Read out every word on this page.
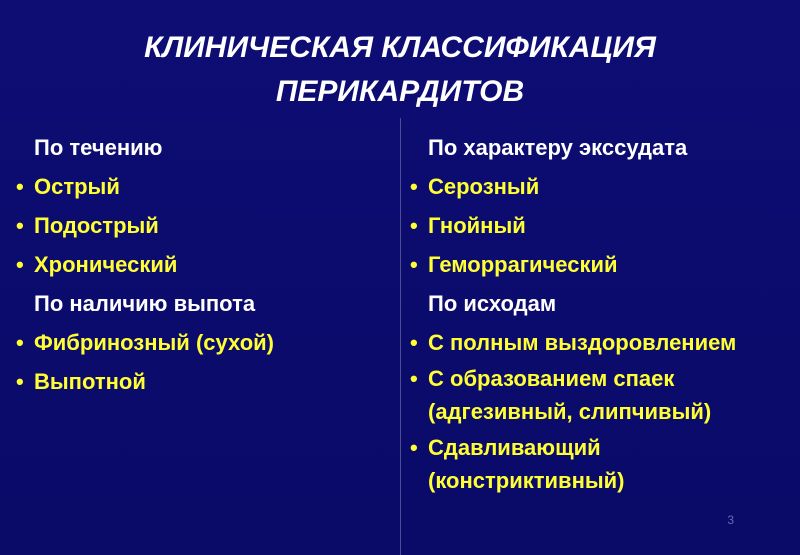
КЛИНИЧЕСКАЯ КЛАССИФИКАЦИЯ
ПЕРИКАРДИТОВ
По течению
• Острый
• Подострый
• Хронический
По наличию выпота
• Фибринозный (сухой)
• Выпотной
По характеру экссудата
• Серозный
• Гнойный
• Геморрагический
По исходам
• С полным выздоровлением
• С образованием спаек (адгезивный, слипчивый)
• Сдавливающий (констриктивный)
3
